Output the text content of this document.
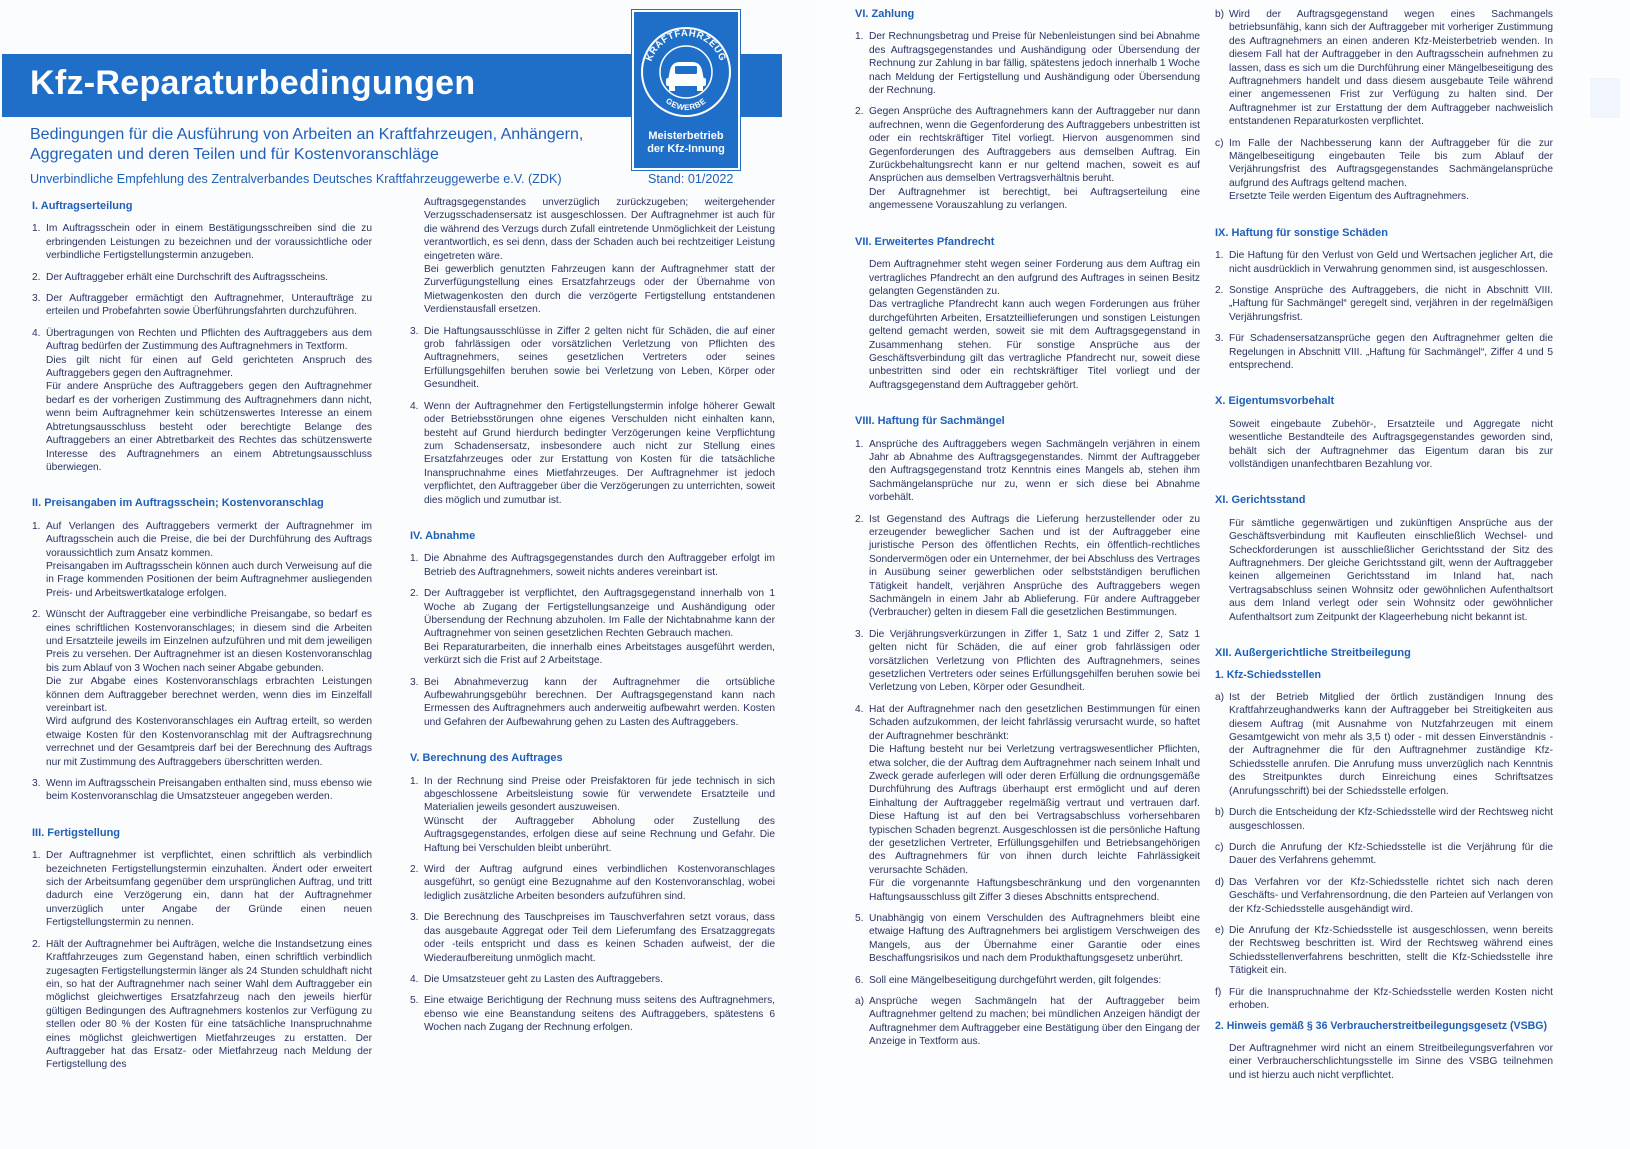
Kfz-Reparaturbedingungen
KRAFTFAHRZEUG
GEWERBE
Meisterbetrieb
der Kfz-Innung
Bedingungen für die Ausführung von Arbeiten an Kraftfahrzeugen, Anhängern, Aggregaten und deren Teilen und für Kostenvoranschläge
Unverbindliche Empfehlung des Zentralverbandes Deutsches Kraftfahrzeuggewerbe e.V. (ZDK)	Stand: 01/2022
I. Auftragserteilung
1. Im Auftragsschein oder in einem Bestätigungsschreiben sind die zu erbringenden Leistungen zu bezeichnen und der voraussichtliche oder verbindliche Fertigstellungstermin anzugeben.
2. Der Auftraggeber erhält eine Durchschrift des Auftragsscheins.
3. Der Auftraggeber ermächtigt den Auftragnehmer, Unteraufträge zu erteilen und Probefahrten sowie Überführungsfahrten durchzuführen.
4. Übertragungen von Rechten und Pflichten des Auftraggebers aus dem Auftrag bedürfen der Zustimmung des Auftragnehmers in Textform.
Dies gilt nicht für einen auf Geld gerichteten Anspruch des Auftraggebers gegen den Auftragnehmer.
Für andere Ansprüche des Auftraggebers gegen den Auftragnehmer bedarf es der vorherigen Zustimmung des Auftragnehmers dann nicht, wenn beim Auftragnehmer kein schützenswertes Interesse an einem Abtretungsausschluss besteht oder berechtigte Belange des Auftraggebers an einer Abtretbarkeit des Rechtes das schützenswerte Interesse des Auftragnehmers an einem Abtretungsausschluss überwiegen.
II. Preisangaben im Auftragsschein; Kostenvoranschlag
1. Auf Verlangen des Auftraggebers vermerkt der Auftragnehmer im Auftragsschein auch die Preise, die bei der Durchführung des Auftrags voraussichtlich zum Ansatz kommen.
Preisangaben im Auftragsschein können auch durch Verweisung auf die in Frage kommenden Positionen der beim Auftragnehmer ausliegenden Preis- und Arbeitswertkataloge erfolgen.
2. Wünscht der Auftraggeber eine verbindliche Preisangabe, so bedarf es eines schriftlichen Kostenvoranschlages; in diesem sind die Arbeiten und Ersatzteile jeweils im Einzelnen aufzuführen und mit dem jeweiligen Preis zu versehen. Der Auftragnehmer ist an diesen Kostenvoranschlag bis zum Ablauf von 3 Wochen nach seiner Abgabe gebunden.
Die zur Abgabe eines Kostenvoranschlags erbrachten Leistungen können dem Auftraggeber berechnet werden, wenn dies im Einzelfall vereinbart ist.
Wird aufgrund des Kostenvoranschlages ein Auftrag erteilt, so werden etwaige Kosten für den Kostenvoranschlag mit der Auftragsrechnung verrechnet und der Gesamtpreis darf bei der Berechnung des Auftrags nur mit Zustimmung des Auftraggebers überschritten werden.
3. Wenn im Auftragsschein Preisangaben enthalten sind, muss ebenso wie beim Kostenvoranschlag die Umsatzsteuer angegeben werden.
III. Fertigstellung
1. Der Auftragnehmer ist verpflichtet, einen schriftlich als verbindlich bezeichneten Fertigstellungstermin einzuhalten. Ändert oder erweitert sich der Arbeitsumfang gegenüber dem ursprünglichen Auftrag, und tritt dadurch eine Verzögerung ein, dann hat der Auftragnehmer unverzüglich unter Angabe der Gründe einen neuen Fertigstellungstermin zu nennen.
2. Hält der Auftragnehmer bei Aufträgen, welche die Instandsetzung eines Kraftfahrzeuges zum Gegenstand haben, einen schriftlich verbindlich zugesagten Fertigstellungstermin länger als 24 Stunden schuldhaft nicht ein, so hat der Auftragnehmer nach seiner Wahl dem Auftraggeber ein möglichst gleichwertiges Ersatzfahrzeug nach den jeweils hierfür gültigen Bedingungen des Auftragnehmers kostenlos zur Verfügung zu stellen oder 80 % der Kosten für eine tatsächliche Inanspruchnahme eines möglichst gleichwertigen Mietfahrzeuges zu erstatten. Der Auftraggeber hat das Ersatz- oder Mietfahrzeug nach Meldung der Fertigstellung des
Auftragsgegenstandes unverzüglich zurückzugeben; weitergehender Verzugsschadensersatz ist ausgeschlossen. Der Auftragnehmer ist auch für die während des Verzugs durch Zufall eintretende Unmöglichkeit der Leistung verantwortlich, es sei denn, dass der Schaden auch bei rechtzeitiger Leistung eingetreten wäre.
Bei gewerblich genutzten Fahrzeugen kann der Auftragnehmer statt der Zurverfügungstellung eines Ersatzfahrzeugs oder der Übernahme von Mietwagenkosten den durch die verzögerte Fertigstellung entstandenen Verdienstausfall ersetzen.
3. Die Haftungsausschlüsse in Ziffer 2 gelten nicht für Schäden, die auf einer grob fahrlässigen oder vorsätzlichen Verletzung von Pflichten des Auftragnehmers, seines gesetzlichen Vertreters oder seines Erfüllungsgehilfen beruhen sowie bei Verletzung von Leben, Körper oder Gesundheit.
4. Wenn der Auftragnehmer den Fertigstellungstermin infolge höherer Gewalt oder Betriebsstörungen ohne eigenes Verschulden nicht einhalten kann, besteht auf Grund hierdurch bedingter Verzögerungen keine Verpflichtung zum Schadensersatz, insbesondere auch nicht zur Stellung eines Ersatzfahrzeuges oder zur Erstattung von Kosten für die tatsächliche Inanspruchnahme eines Mietfahrzeuges. Der Auftragnehmer ist jedoch verpflichtet, den Auftraggeber über die Verzögerungen zu unterrichten, soweit dies möglich und zumutbar ist.
IV. Abnahme
1. Die Abnahme des Auftragsgegenstandes durch den Auftraggeber erfolgt im Betrieb des Auftragnehmers, soweit nichts anderes vereinbart ist.
2. Der Auftraggeber ist verpflichtet, den Auftragsgegenstand innerhalb von 1 Woche ab Zugang der Fertigstellungsanzeige und Aushändigung oder Übersendung der Rechnung abzuholen. Im Falle der Nichtabnahme kann der Auftragnehmer von seinen gesetzlichen Rechten Gebrauch machen.
Bei Reparaturarbeiten, die innerhalb eines Arbeitstages ausgeführt werden, verkürzt sich die Frist auf 2 Arbeitstage.
3. Bei Abnahmeverzug kann der Auftragnehmer die ortsübliche Aufbewahrungsgebühr berechnen. Der Auftragsgegenstand kann nach Ermessen des Auftragnehmers auch anderweitig aufbewahrt werden. Kosten und Gefahren der Aufbewahrung gehen zu Lasten des Auftraggebers.
V. Berechnung des Auftrages
1. In der Rechnung sind Preise oder Preisfaktoren für jede technisch in sich abgeschlossene Arbeitsleistung sowie für verwendete Ersatzteile und Materialien jeweils gesondert auszuweisen.
Wünscht der Auftraggeber Abholung oder Zustellung des Auftragsgegenstandes, erfolgen diese auf seine Rechnung und Gefahr. Die Haftung bei Verschulden bleibt unberührt.
2. Wird der Auftrag aufgrund eines verbindlichen Kostenvoranschlages ausgeführt, so genügt eine Bezugnahme auf den Kostenvoranschlag, wobei lediglich zusätzliche Arbeiten besonders aufzuführen sind.
3. Die Berechnung des Tauschpreises im Tauschverfahren setzt voraus, dass das ausgebaute Aggregat oder Teil dem Lieferumfang des Ersatzaggregats oder -teils entspricht und dass es keinen Schaden aufweist, der die Wiederaufbereitung unmöglich macht.
4. Die Umsatzsteuer geht zu Lasten des Auftraggebers.
5. Eine etwaige Berichtigung der Rechnung muss seitens des Auftragnehmers, ebenso wie eine Beanstandung seitens des Auftraggebers, spätestens 6 Wochen nach Zugang der Rechnung erfolgen.
VI. Zahlung
1. Der Rechnungsbetrag und Preise für Nebenleistungen sind bei Abnahme des Auftragsgegenstandes und Aushändigung oder Übersendung der Rechnung zur Zahlung in bar fällig, spätestens jedoch innerhalb 1 Woche nach Meldung der Fertigstellung und Aushändigung oder Übersendung der Rechnung.
2. Gegen Ansprüche des Auftragnehmers kann der Auftraggeber nur dann aufrechnen, wenn die Gegenforderung des Auftraggebers unbestritten ist oder ein rechtskräftiger Titel vorliegt. Hiervon ausgenommen sind Gegenforderungen des Auftraggebers aus demselben Auftrag. Ein Zurückbehaltungsrecht kann er nur geltend machen, soweit es auf Ansprüchen aus demselben Vertragsverhältnis beruht.
Der Auftragnehmer ist berechtigt, bei Auftragserteilung eine angemessene Vorauszahlung zu verlangen.
VII. Erweitertes Pfandrecht
Dem Auftragnehmer steht wegen seiner Forderung aus dem Auftrag ein vertragliches Pfandrecht an den aufgrund des Auftrages in seinen Besitz gelangten Gegenständen zu.
Das vertragliche Pfandrecht kann auch wegen Forderungen aus früher durchgeführten Arbeiten, Ersatzteillieferungen und sonstigen Leistungen geltend gemacht werden, soweit sie mit dem Auftragsgegenstand in Zusammenhang stehen. Für sonstige Ansprüche aus der Geschäftsverbindung gilt das vertragliche Pfandrecht nur, soweit diese unbestritten sind oder ein rechtskräftiger Titel vorliegt und der Auftragsgegenstand dem Auftraggeber gehört.
VIII. Haftung für Sachmängel
1. Ansprüche des Auftraggebers wegen Sachmängeln verjähren in einem Jahr ab Abnahme des Auftragsgegenstandes. Nimmt der Auftraggeber den Auftragsgegenstand trotz Kenntnis eines Mangels ab, stehen ihm Sachmängelansprüche nur zu, wenn er sich diese bei Abnahme vorbehält.
2. Ist Gegenstand des Auftrags die Lieferung herzustellender oder zu erzeugender beweglicher Sachen und ist der Auftraggeber eine juristische Person des öffentlichen Rechts, ein öffentlich-rechtliches Sondervermögen oder ein Unternehmer, der bei Abschluss des Vertrages in Ausübung seiner gewerblichen oder selbstständigen beruflichen Tätigkeit handelt, verjähren Ansprüche des Auftraggebers wegen Sachmängeln in einem Jahr ab Ablieferung. Für andere Auftraggeber (Verbraucher) gelten in diesem Fall die gesetzlichen Bestimmungen.
3. Die Verjährungsverkürzungen in Ziffer 1, Satz 1 und Ziffer 2, Satz 1 gelten nicht für Schäden, die auf einer grob fahrlässigen oder vorsätzlichen Verletzung von Pflichten des Auftragnehmers, seines gesetzlichen Vertreters oder seines Erfüllungsgehilfen beruhen sowie bei Verletzung von Leben, Körper oder Gesundheit.
4. Hat der Auftragnehmer nach den gesetzlichen Bestimmungen für einen Schaden aufzukommen, der leicht fahrlässig verursacht wurde, so haftet der Auftragnehmer beschränkt:
Die Haftung besteht nur bei Verletzung vertragswesentlicher Pflichten, etwa solcher, die der Auftrag dem Auftragnehmer nach seinem Inhalt und Zweck gerade auferlegen will oder deren Erfüllung die ordnungsgemäße Durchführung des Auftrags überhaupt erst ermöglicht und auf deren Einhaltung der Auftraggeber regelmäßig vertraut und vertrauen darf. Diese Haftung ist auf den bei Vertragsabschluss vorhersehbaren typischen Schaden begrenzt. Ausgeschlossen ist die persönliche Haftung der gesetzlichen Vertreter, Erfüllungsgehilfen und Betriebsangehörigen des Auftragnehmers für von ihnen durch leichte Fahrlässigkeit verursachte Schäden.
Für die vorgenannte Haftungsbeschränkung und den vorgenannten Haftungsausschluss gilt Ziffer 3 dieses Abschnitts entsprechend.
5. Unabhängig von einem Verschulden des Auftragnehmers bleibt eine etwaige Haftung des Auftragnehmers bei arglistigem Verschweigen des Mangels, aus der Übernahme einer Garantie oder eines Beschaffungsrisikos und nach dem Produkthaftungsgesetz unberührt.
6. Soll eine Mängelbeseitigung durchgeführt werden, gilt folgendes:
a) Ansprüche wegen Sachmängeln hat der Auftraggeber beim Auftragnehmer geltend zu machen; bei mündlichen Anzeigen händigt der Auftragnehmer dem Auftraggeber eine Bestätigung über den Eingang der Anzeige in Textform aus.
b) Wird der Auftragsgegenstand wegen eines Sachmangels betriebsunfähig, kann sich der Auftraggeber mit vorheriger Zustimmung des Auftragnehmers an einen anderen Kfz-Meisterbetrieb wenden. In diesem Fall hat der Auftraggeber in den Auftragsschein aufnehmen zu lassen, dass es sich um die Durchführung einer Mängelbeseitigung des Auftragnehmers handelt und dass diesem ausgebaute Teile während einer angemessenen Frist zur Verfügung zu halten sind. Der Auftragnehmer ist zur Erstattung der dem Auftraggeber nachweislich entstandenen Reparaturkosten verpflichtet.
c) Im Falle der Nachbesserung kann der Auftraggeber für die zur Mängelbeseitigung eingebauten Teile bis zum Ablauf der Verjährungsfrist des Auftragsgegenstandes Sachmängelansprüche aufgrund des Auftrags geltend machen.
Ersetzte Teile werden Eigentum des Auftragnehmers.
IX. Haftung für sonstige Schäden
1. Die Haftung für den Verlust von Geld und Wertsachen jeglicher Art, die nicht ausdrücklich in Verwahrung genommen sind, ist ausgeschlossen.
2. Sonstige Ansprüche des Auftraggebers, die nicht in Abschnitt VIII. „Haftung für Sachmängel“ geregelt sind, verjähren in der regelmäßigen Verjährungsfrist.
3. Für Schadensersatzansprüche gegen den Auftragnehmer gelten die Regelungen in Abschnitt VIII. „Haftung für Sachmängel“, Ziffer 4 und 5 entsprechend.
X. Eigentumsvorbehalt
Soweit eingebaute Zubehör-, Ersatzteile und Aggregate nicht wesentliche Bestandteile des Auftragsgegenstandes geworden sind, behält sich der Auftragnehmer das Eigentum daran bis zur vollständigen unanfechtbaren Bezahlung vor.
XI. Gerichtsstand
Für sämtliche gegenwärtigen und zukünftigen Ansprüche aus der Geschäftsverbindung mit Kaufleuten einschließlich Wechsel- und Scheckforderungen ist ausschließlicher Gerichtsstand der Sitz des Auftragnehmers. Der gleiche Gerichtsstand gilt, wenn der Auftraggeber keinen allgemeinen Gerichtsstand im Inland hat, nach Vertragsabschluss seinen Wohnsitz oder gewöhnlichen Aufenthaltsort aus dem Inland verlegt oder sein Wohnsitz oder gewöhnlicher Aufenthaltsort zum Zeitpunkt der Klageerhebung nicht bekannt ist.
XII. Außergerichtliche Streitbeilegung
1. Kfz-Schiedsstellen
a) Ist der Betrieb Mitglied der örtlich zuständigen Innung des Kraftfahrzeughandwerks kann der Auftraggeber bei Streitigkeiten aus diesem Auftrag (mit Ausnahme von Nutzfahrzeugen mit einem Gesamtgewicht von mehr als 3,5 t) oder - mit dessen Einverständnis - der Auftragnehmer die für den Auftragnehmer zuständige Kfz-Schiedsstelle anrufen. Die Anrufung muss unverzüglich nach Kenntnis des Streitpunktes durch Einreichung eines Schriftsatzes (Anrufungsschrift) bei der Schiedsstelle erfolgen.
b) Durch die Entscheidung der Kfz-Schiedsstelle wird der Rechtsweg nicht ausgeschlossen.
c) Durch die Anrufung der Kfz-Schiedsstelle ist die Verjährung für die Dauer des Verfahrens gehemmt.
d) Das Verfahren vor der Kfz-Schiedsstelle richtet sich nach deren Geschäfts- und Verfahrensordnung, die den Parteien auf Verlangen von der Kfz-Schiedsstelle ausgehändigt wird.
e) Die Anrufung der Kfz-Schiedsstelle ist ausgeschlossen, wenn bereits der Rechtsweg beschritten ist. Wird der Rechtsweg während eines Schiedsstellenverfahrens beschritten, stellt die Kfz-Schiedsstelle ihre Tätigkeit ein.
f) Für die Inanspruchnahme der Kfz-Schiedsstelle werden Kosten nicht erhoben.
2. Hinweis gemäß § 36 Verbraucherstreitbeilegungsgesetz (VSBG)
Der Auftragnehmer wird nicht an einem Streitbeilegungsverfahren vor einer Verbraucherschlichtungsstelle im Sinne des VSBG teilnehmen und ist hierzu auch nicht verpflichtet.
